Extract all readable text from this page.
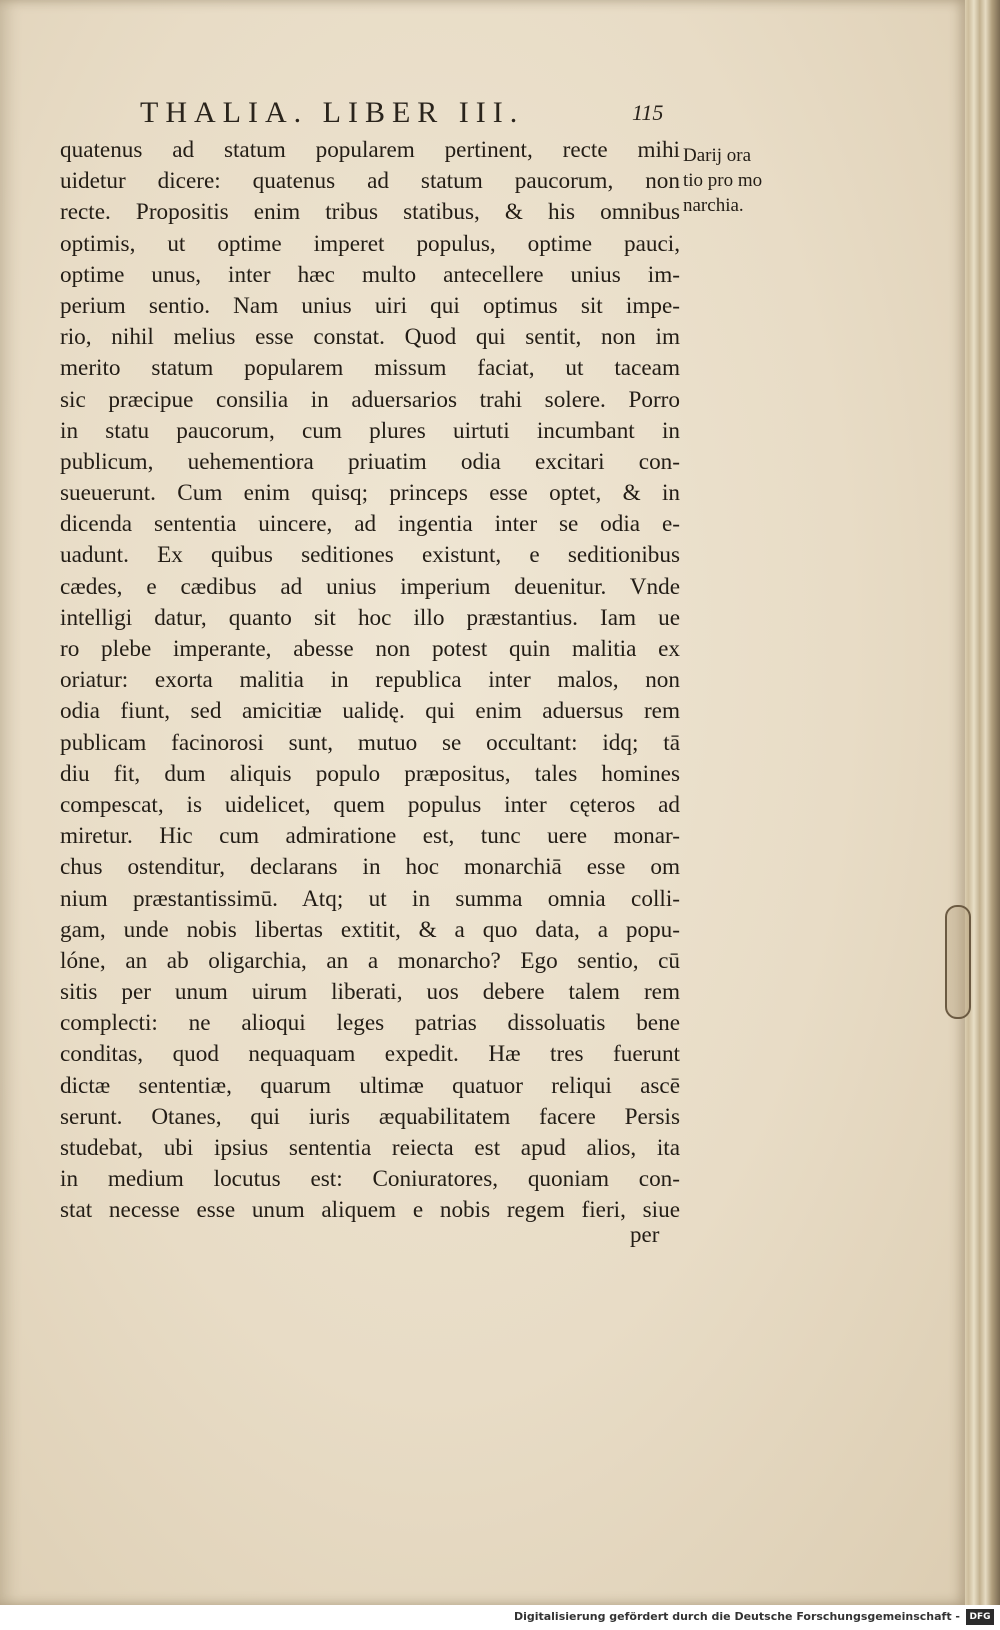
THALIA. LIBER III.	115
Darij ora
tio pro mo
narchia.
quatenus ad statum popularem pertinent, recte mihi
uidetur dicere: quatenus ad statum paucorum, non
recte. Propositis enim tribus statibus, & his omnibus
optimis, ut optime imperet populus, optime pauci,
optime unus, inter hæc multo antecellere unius im-
perium sentio. Nam unius uiri qui optimus sit impe-
rio, nihil melius esse constat. Quod qui sentit, non im
merito statum popularem missum faciat, ut taceam
sic præcipue consilia in aduersarios trahi solere. Porro
in statu paucorum, cum plures uirtuti incumbant in
publicum, uehementiora priuatim odia excitari con-
sueuerunt. Cum enim quisq; princeps esse optet, & in
dicenda sententia uincere, ad ingentia inter se odia e-
uadunt. Ex quibus seditiones existunt, e seditionibus
cædes, e cædibus ad unius imperium deuenitur. Vnde
intelligi datur, quanto sit hoc illo præstantius. Iam ue
ro plebe imperante, abesse non potest quin malitia ex
oriatur: exorta malitia in republica inter malos, non
odia fiunt, sed amicitiæ ualidę. qui enim aduersus rem
publicam facinorosi sunt, mutuo se occultant: idq; tā
diu fit, dum aliquis populo præpositus, tales homines
compescat, is uidelicet, quem populus inter cęteros ad
miretur. Hic cum admiratione est, tunc uere monar-
chus ostenditur, declarans in hoc monarchiā esse om
nium præstantissimū. Atq; ut in summa omnia colli-
gam, unde nobis libertas extitit, & a quo data, a popu-
lóne, an ab oligarchia, an a monarcho? Ego sentio, cū
sitis per unum uirum liberati, uos debere talem rem
complecti: ne alioqui leges patrias dissoluatis bene
conditas, quod nequaquam expedit. Hæ tres fuerunt
dictæ sententiæ, quarum ultimæ quatuor reliqui ascē
serunt. Otanes, qui iuris æquabilitatem facere Persis
studebat, ubi ipsius sententia reiecta est apud alios, ita
in medium locutus est: Coniuratores, quoniam con-
stat necesse esse unum aliquem e nobis regem fieri, siue
per
Digitalisierung gefördert durch die Deutsche Forschungsgemeinschaft -	DFG
